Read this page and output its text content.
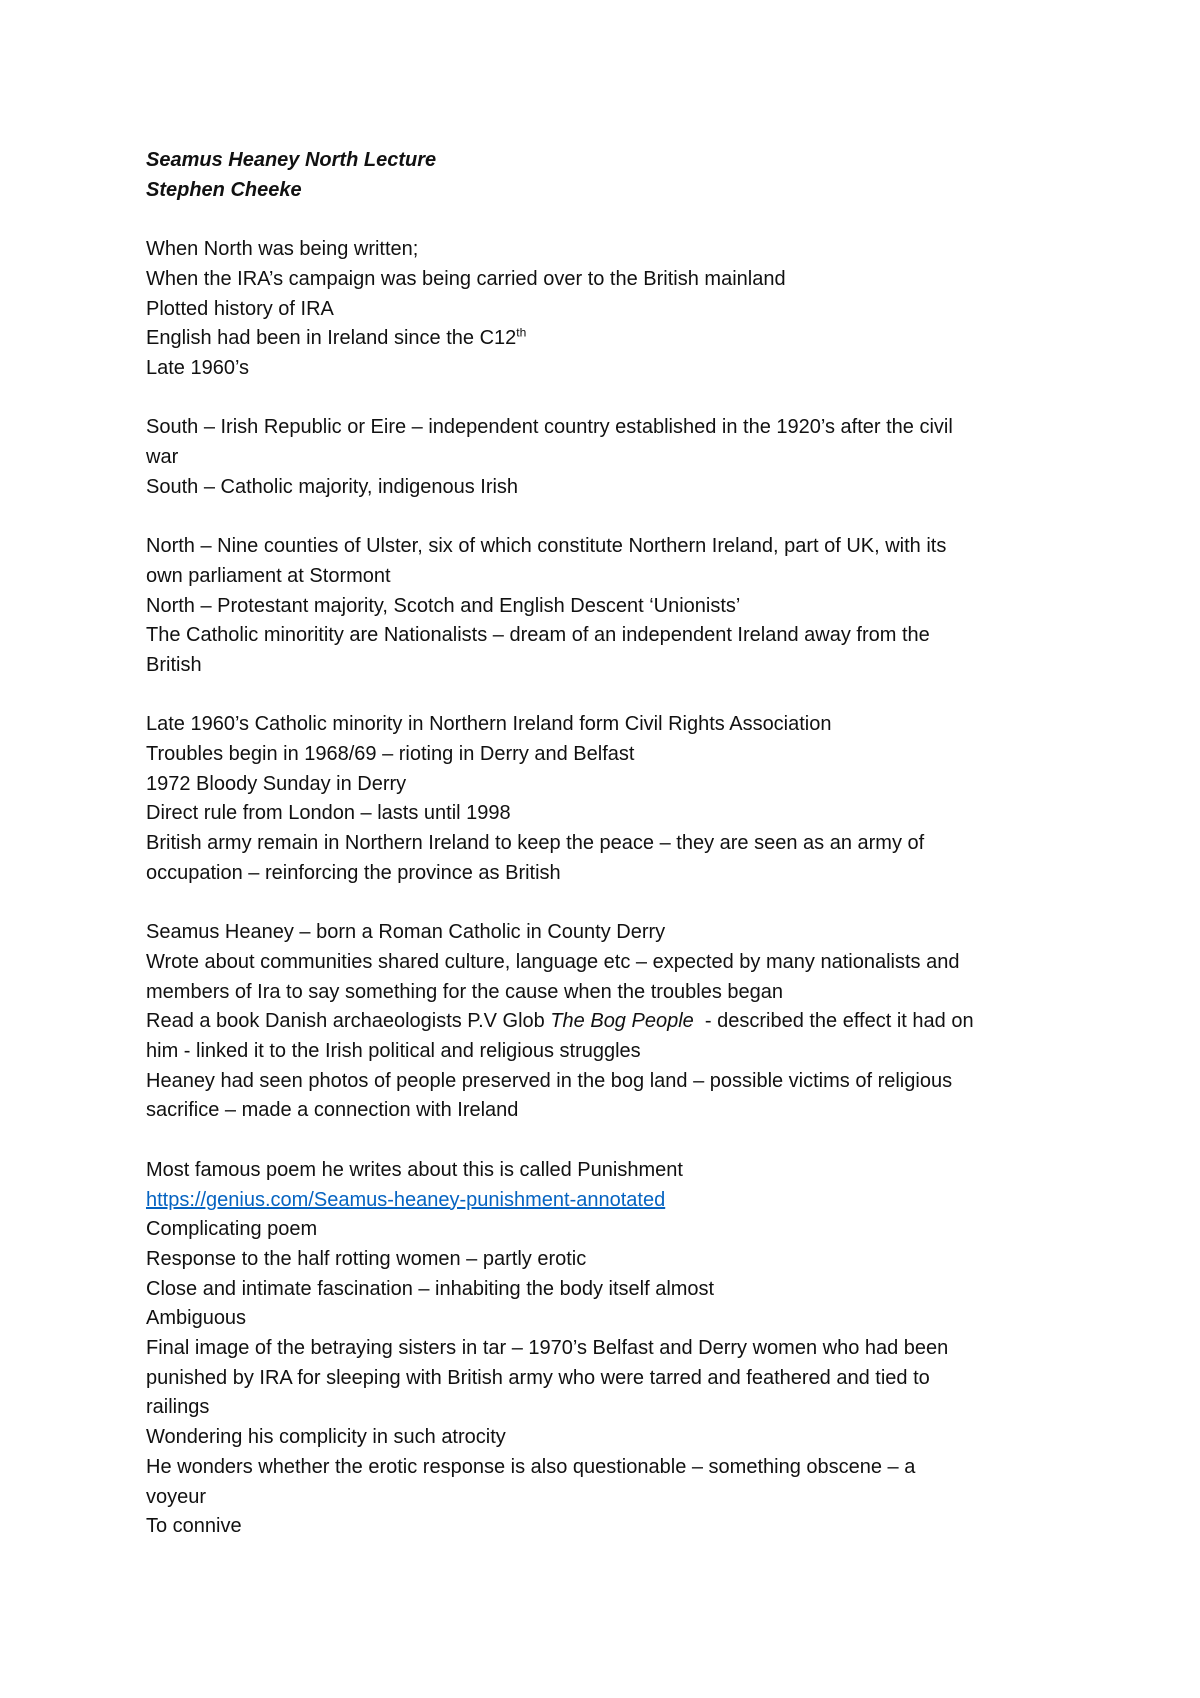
Seamus Heaney North Lecture
Stephen Cheeke
When North was being written;
When the IRA’s campaign was being carried over to the British mainland
Plotted history of IRA
English had been in Ireland since the C12th
Late 1960’s
South – Irish Republic or Eire – independent country established in the 1920’s after the civil
war
South – Catholic majority, indigenous Irish
North – Nine counties of Ulster, six of which constitute Northern Ireland, part of UK, with its
own parliament at Stormont
North – Protestant majority, Scotch and English Descent ‘Unionists’
The Catholic minoritity are Nationalists – dream of an independent Ireland away from the
British
Late 1960’s Catholic minority in Northern Ireland form Civil Rights Association
Troubles begin in 1968/69 – rioting in Derry and Belfast
1972 Bloody Sunday in Derry
Direct rule from London – lasts until 1998
British army remain in Northern Ireland to keep the peace – they are seen as an army of
occupation – reinforcing the province as British
Seamus Heaney – born a Roman Catholic in County Derry
Wrote about communities shared culture, language etc – expected by many nationalists and
members of Ira to say something for the cause when the troubles began
Read a book Danish archaeologists P.V Glob The Bog People  - described the effect it had on
him - linked it to the Irish political and religious struggles
Heaney had seen photos of people preserved in the bog land – possible victims of religious
sacrifice – made a connection with Ireland
Most famous poem he writes about this is called Punishment
https://genius.com/Seamus-heaney-punishment-annotated
Complicating poem
Response to the half rotting women – partly erotic
Close and intimate fascination – inhabiting the body itself almost
Ambiguous
Final image of the betraying sisters in tar – 1970’s Belfast and Derry women who had been
punished by IRA for sleeping with British army who were tarred and feathered and tied to
railings
Wondering his complicity in such atrocity
He wonders whether the erotic response is also questionable – something obscene – a
voyeur
To connive
